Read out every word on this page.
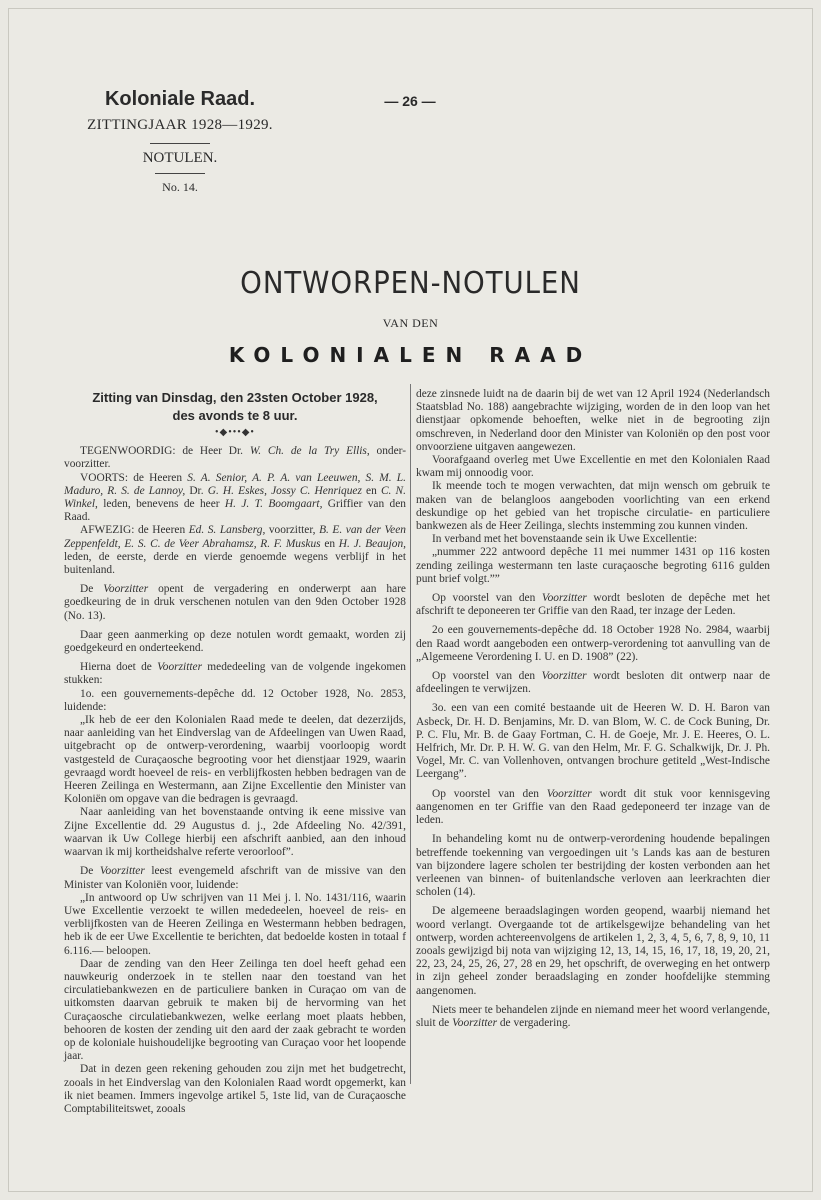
Koloniale Raad.
ZITTINGJAAR 1928—1929.
NOTULEN.
No. 14.
— 26 —
ONTWORPEN-NOTULEN
VAN DEN
KOLONIALEN RAAD
Zitting van Dinsdag, den 23sten October 1928,
des avonds te 8 uur.
•◆•••◆•

TEGENWOORDIG: de Heer Dr. W. Ch. de la Try Ellis, onder-voorzitter.

VOORTS: de Heeren S. A. Senior, A. P. A. van Leeuwen, S. M. L. Maduro, R. S. de Lannoy, Dr. G. H. Eskes, Jossy C. Henriquez en C. N. Winkel, leden, benevens de heer H. J. T. Boomgaart, Griffier van den Raad.

AFWEZIG: de Heeren Ed. S. Lansberg, voorzitter, B. E. van der Veen Zeppenfeldt, E. S. C. de Veer Abrahamsz, R. F. Muskus en H. J. Beaujon, leden, de eerste, derde en vierde genoemde wegens verblijf in het buitenland.

De Voorzitter opent de vergadering en onderwerpt aan hare goedkeuring de in druk verschenen notulen van den 9den October 1928 (No. 13).

Daar geen aanmerking op deze notulen wordt gemaakt, worden zij goedgekeurd en onderteekend.

Hierna doet de Voorzitter mededeeling van de volgende ingekomen stukken:

1o. een gouvernements-depêche dd. 12 October 1928, No. 2853, luidende:

„Ik heb de eer den Kolonialen Raad mede te deelen, dat dezerzijds, naar aanleiding van het Eindverslag van de Afdeelingen van Uwen Raad, uitgebracht op de ontwerp-verordening, waarbij voorloopig wordt vastgesteld de Curaçaosche begrooting voor het dienstjaar 1929, waarin gevraagd wordt hoeveel de reis- en verblijfkosten hebben bedragen van de Heeren Zeilinga en Westermann, aan Zijne Excellentie den Minister van Koloniën om opgave van die bedragen is gevraagd.

Naar aanleiding van het bovenstaande ontving ik eene missive van Zijne Excellentie dd. 29 Augustus d. j., 2de Afdeeling No. 42/391, waarvan ik Uw College hierbij een afschrift aanbied, aan den inhoud waarvan ik mij kortheidshalve referte veroorloof”.

De Voorzitter leest evengemeld afschrift van de missive van den Minister van Koloniën voor, luidende:

„In antwoord op Uw schrijven van 11 Mei j. l. No. 1431/116, waarin Uwe Excellentie verzoekt te willen mededeelen, hoeveel de reis- en verblijfkosten van de Heeren Zeilinga en Westermann hebben bedragen, heb ik de eer Uwe Excellentie te berichten, dat bedoelde kosten in totaal f 6.116.— beloopen.

Daar de zending van den Heer Zeilinga ten doel heeft gehad een nauwkeurig onderzoek in te stellen naar den toestand van het circulatiebankwezen en de particuliere banken in Curaçao om van de uitkomsten daarvan gebruik te maken bij de hervorming van het Curaçaosche circulatiebankwezen, welke eerlang moet plaats hebben, behooren de kosten der zending uit den aard der zaak gebracht te worden op de koloniale huishoudelijke begrooting van Curaçao voor het loopende jaar.

Dat in dezen geen rekening gehouden zou zijn met het budgetrecht, zooals in het Eindverslag van den Kolonialen Raad wordt opgemerkt, kan ik niet beamen. Immers ingevolge artikel 5, 1ste lid, van de Curaçaosche Comptabiliteitswet, zooals

deze zinsnede luidt na de daarin bij de wet van 12 April 1924 (Nederlandsch Staatsblad No. 188) aangebrachte wijziging, worden de in den loop van het dienstjaar opkomende behoeften, welke niet in de begrooting zijn omschreven, in Nederland door den Minister van Koloniën op den post voor onvoorziene uitgaven aangewezen.

Voorafgaand overleg met Uwe Excellentie en met den Kolonialen Raad kwam mij onnoodig voor.

Ik meende toch te mogen verwachten, dat mijn wensch om gebruik te maken van de belangloos aangeboden voorlichting van een erkend deskundige op het gebied van het tropische circulatie- en particuliere bankwezen als de Heer Zeilinga, slechts instemming zou kunnen vinden.

In verband met het bovenstaande sein ik Uwe Excellentie:

„nummer 222 antwoord depêche 11 mei nummer 1431 op 116 kosten zending zeilinga westermann ten laste curaçaosche begroting 6116 gulden punt brief volgt.””

Op voorstel van den Voorzitter wordt besloten de depêche met het afschrift te deponeeren ter Griffie van den Raad, ter inzage der Leden.

2o een gouvernements-depêche dd. 18 October 1928 No. 2984, waarbij den Raad wordt aangeboden een ontwerp-verordening tot aanvulling van de „Algemeene Verordening I. U. en D. 1908” (22).

Op voorstel van den Voorzitter wordt besloten dit ontwerp naar de afdeelingen te verwijzen.

3o. een van een comité bestaande uit de Heeren W. D. H. Baron van Asbeck, Dr. H. D. Benjamins, Mr. D. van Blom, W. C. de Cock Buning, Dr. P. C. Flu, Mr. B. de Gaay Fortman, C. H. de Goeje, Mr. J. E. Heeres, O. L. Helfrich, Mr. Dr. P. H. W. G. van den Helm, Mr. F. G. Schalkwijk, Dr. J. Ph. Vogel, Mr. C. van Vollenhoven, ontvangen brochure getiteld „West-Indische Leergang”.

Op voorstel van den Voorzitter wordt dit stuk voor kennisgeving aangenomen en ter Griffie van den Raad gedeponeerd ter inzage van de leden.

In behandeling komt nu de ontwerp-verordening houdende bepalingen betreffende toekenning van vergoedingen uit 's Lands kas aan de besturen van bijzondere lagere scholen ter bestrijding der kosten verbonden aan het verleenen van binnen- of buitenlandsche verloven aan leerkrachten dier scholen (14).

De algemeene beraadslagingen worden geopend, waarbij niemand het woord verlangt. Overgaande tot de artikelsgewijze behandeling van het ontwerp, worden achtereenvolgens de artikelen 1, 2, 3, 4, 5, 6, 7, 8, 9, 10, 11 zooals gewijzigd bij nota van wijziging 12, 13, 14, 15, 16, 17, 18, 19, 20, 21, 22, 23, 24, 25, 26, 27, 28 en 29, het opschrift, de overweging en het ontwerp in zijn geheel zonder beraadslaging en zonder hoofdelijke stemming aangenomen.

Niets meer te behandelen zijnde en niemand meer het woord verlangende, sluit de Voorzitter de vergadering.
